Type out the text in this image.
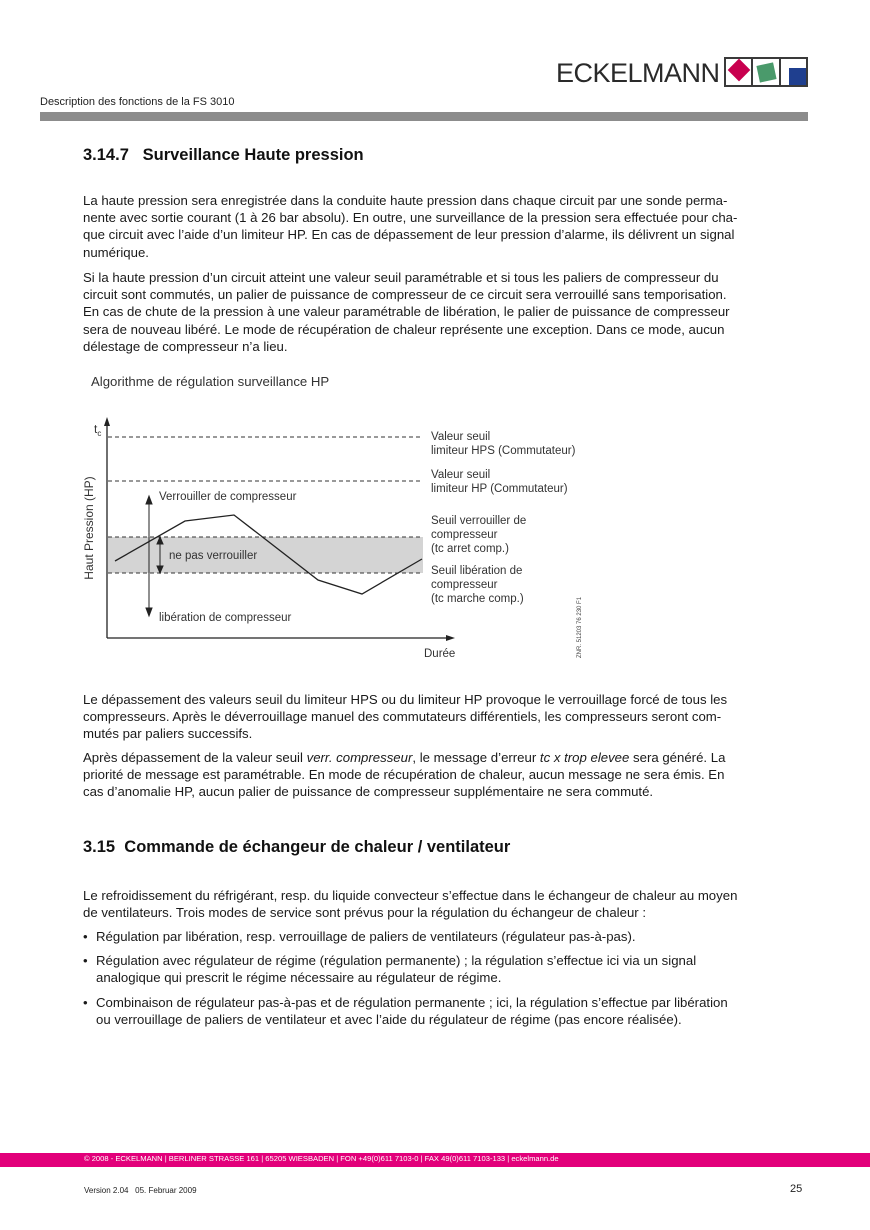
ECKELMANN
Description des fonctions de la FS 3010
3.14.7   Surveillance Haute pression

La haute pression sera enregistrée dans la conduite haute pression dans chaque circuit par une sonde perma-

nente avec sortie courant (1 à 26 bar absolu). En outre, une surveillance de la pression sera effectuée pour cha-

que circuit avec l’aide d’un limiteur HP. En cas de dépassement de leur pression d’alarme, ils délivrent un signal

numérique.

Si la haute pression d’un circuit atteint une valeur seuil paramétrable et si tous les paliers de compresseur du

circuit sont commutés, un palier de puissance de compresseur de ce circuit sera verrouillé sans temporisation.

En cas de chute de la pression à une valeur paramétrable de libération, le palier de puissance de compresseur

sera de nouveau libéré. Le mode de récupération de chaleur représente une exception. Dans ce mode, aucun

délestage de compresseur n’a lieu.

Algorithme de régulation surveillance HP
$t_c$
Haut Pression (HP)
Durée
Verrouiller de compresseur
ne pas verrouiller
libération de compresseur
Valeur seuil
limiteur HPS (Commutateur)
Valeur seuil
limiteur HP (Commutateur)
Seuil verrouiller de
compresseur
(tc arret comp.)
Seuil libération de
compresseur
(tc marche comp.)	ZNR. 51203 76 230 F1

Le dépassement des valeurs seuil du limiteur HPS ou du limiteur HP provoque le verrouillage forcé de tous les

compresseurs. Après le déverrouillage manuel des commutateurs différentiels, les compresseurs seront com-

mutés par paliers successifs.

Après dépassement de la valeur seuil verr. compresseur, le message d’erreur tc x trop elevee sera généré. La

priorité de message est paramétrable. En mode de récupération de chaleur, aucun message ne sera émis. En

cas d’anomalie HP, aucun palier de puissance de compresseur supplémentaire ne sera commuté.

3.15  Commande de échangeur de chaleur / ventilateur

Le refroidissement du réfrigérant, resp. du liquide convecteur s’effectue dans le échangeur de chaleur au moyen

de ventilateurs. Trois modes de service sont prévus pour la régulation du échangeur de chaleur :

• Régulation par libération, resp. verrouillage de paliers de ventilateurs (régulateur pas-à-pas).
• Régulation avec régulateur de régime (régulation permanente) ; la régulation s’effectue ici via un signal
analogique qui prescrit le régime nécessaire au régulateur de régime.
• Combinaison de régulateur pas-à-pas et de régulation permanente ; ici, la régulation s’effectue par libération
ou verrouillage de paliers de ventilateur et avec l’aide du régulateur de régime (pas encore réalisée).
© 2008 - ECKELMANN | BERLINER STRASSE 161 | 65205 WIESBADEN | FON +49(0)611 7103-0 | FAX 49(0)611 7103-133 | eckelmann.de
Version 2.04   05. Februar 2009	25
